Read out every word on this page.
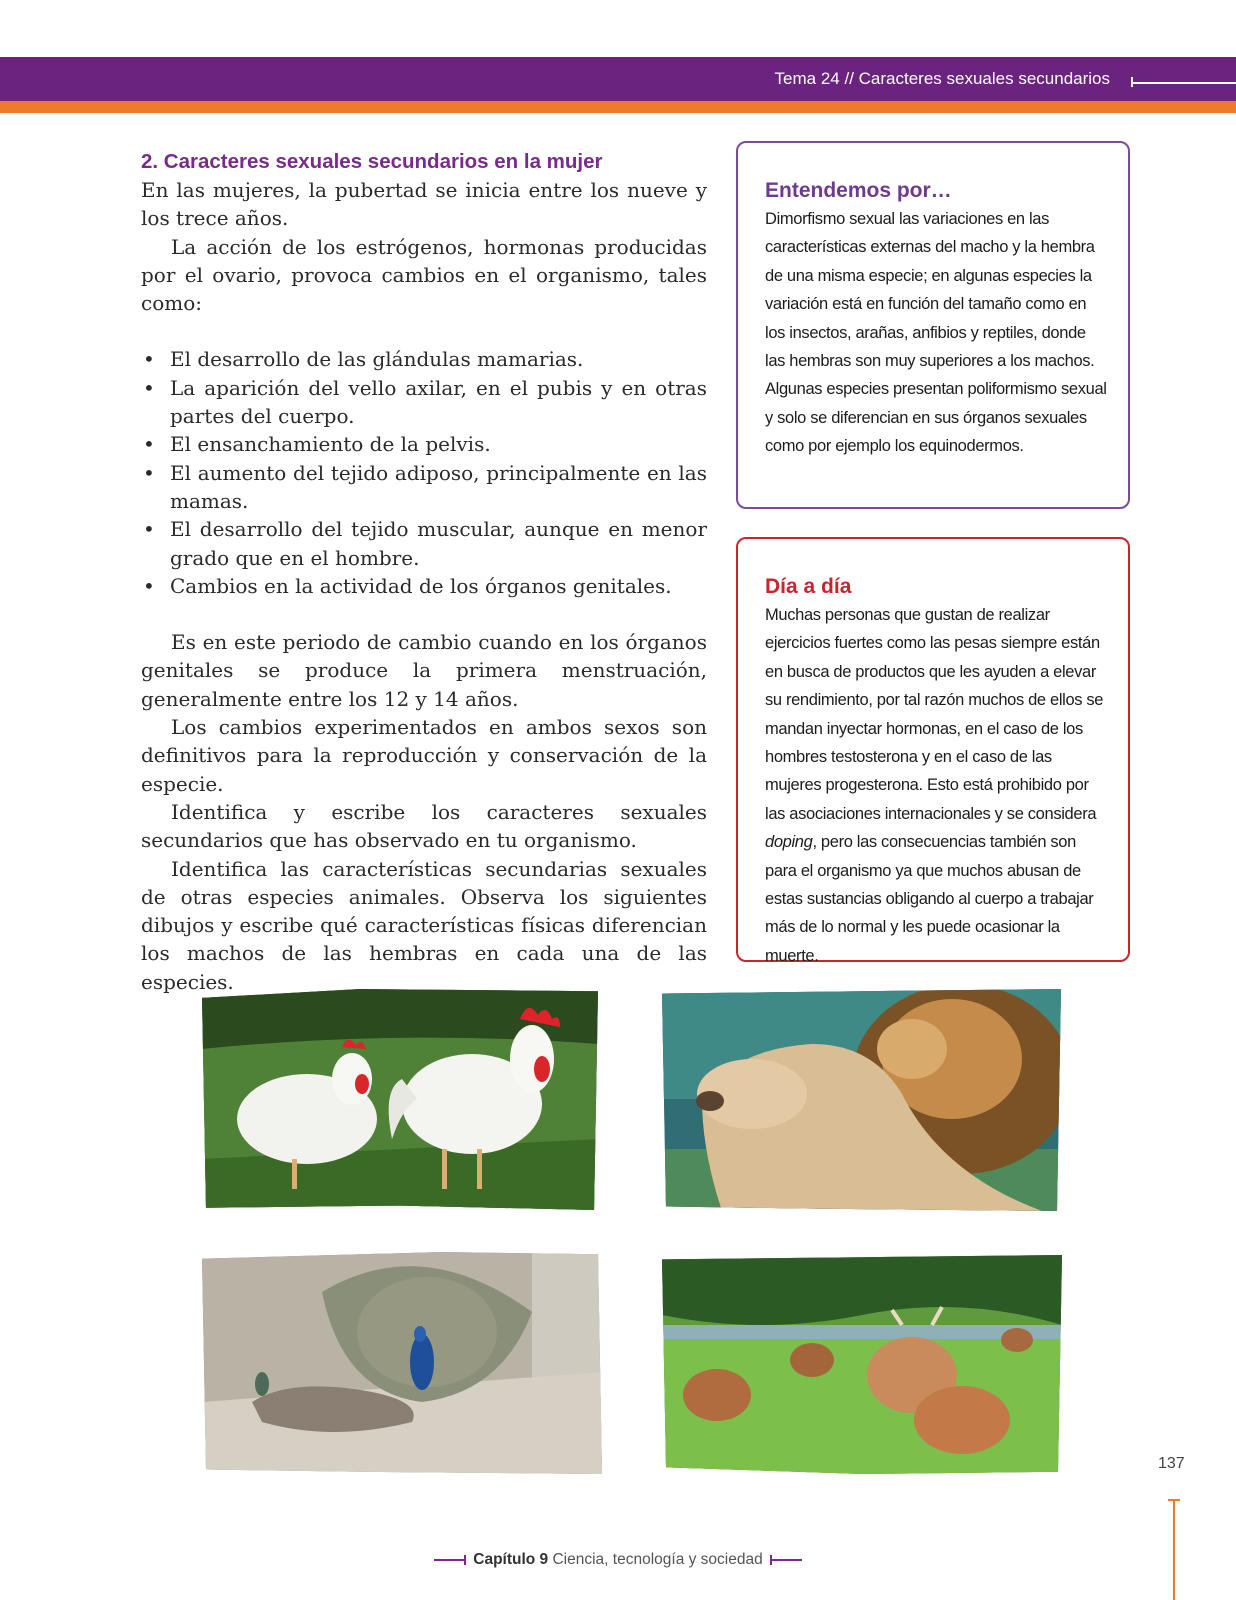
Tema 24 // Caracteres sexuales secundarios
2. Caracteres sexuales secundarios en la mujer

En las mujeres, la pubertad se inicia entre los nueve y los trece años.

La acción de los estrógenos, hormonas producidas por el ovario, provoca cambios en el organismo, tales como:

• El desarrollo de las glándulas mamarias.
• La aparición del vello axilar, en el pubis y en otras partes del cuerpo.
• El ensanchamiento de la pelvis.
• El aumento del tejido adiposo, principalmente en las mamas.
• El desarrollo del tejido muscular, aunque en menor grado que en el hombre.
• Cambios en la actividad de los órganos genitales.

Es en este periodo de cambio cuando en los órganos genitales se produce la primera menstruación, generalmente entre los 12 y 14 años.

Los cambios experimentados en ambos sexos son definitivos para la reproducción y conservación de la especie.

Identifica y escribe los caracteres sexuales secundarios que has observado en tu organismo.

Identifica las características secundarias sexuales de otras especies animales. Observa los siguientes dibujos y escribe qué características físicas diferencian los machos de las hembras en cada una de las especies.

Entendemos por…

Dimorfismo sexual las variaciones en las características externas del macho y la hembra de una misma especie; en algunas especies la variación está en función del tamaño como en los insectos, arañas, anfibios y reptiles, donde las hembras son muy superiores a los machos. Algunas especies presentan poliformismo sexual y solo se diferencian en sus órganos sexuales como por ejemplo los equinodermos.

Día a día

Muchas personas que gustan de realizar ejercicios fuertes como las pesas siempre están en busca de productos que les ayuden a elevar su rendimiento, por tal razón muchos de ellos se mandan inyectar hormonas, en el caso de los hombres testosterona y en el caso de las mujeres progesterona. Esto está prohibido por las asociaciones internacionales y se considera doping, pero las consecuencias también son para el organismo ya que muchos abusan de estas sustancias obligando al cuerpo a trabajar más de lo normal y les puede ocasionar la muerte.

137
Capítulo 9 Ciencia, tecnología y sociedad
